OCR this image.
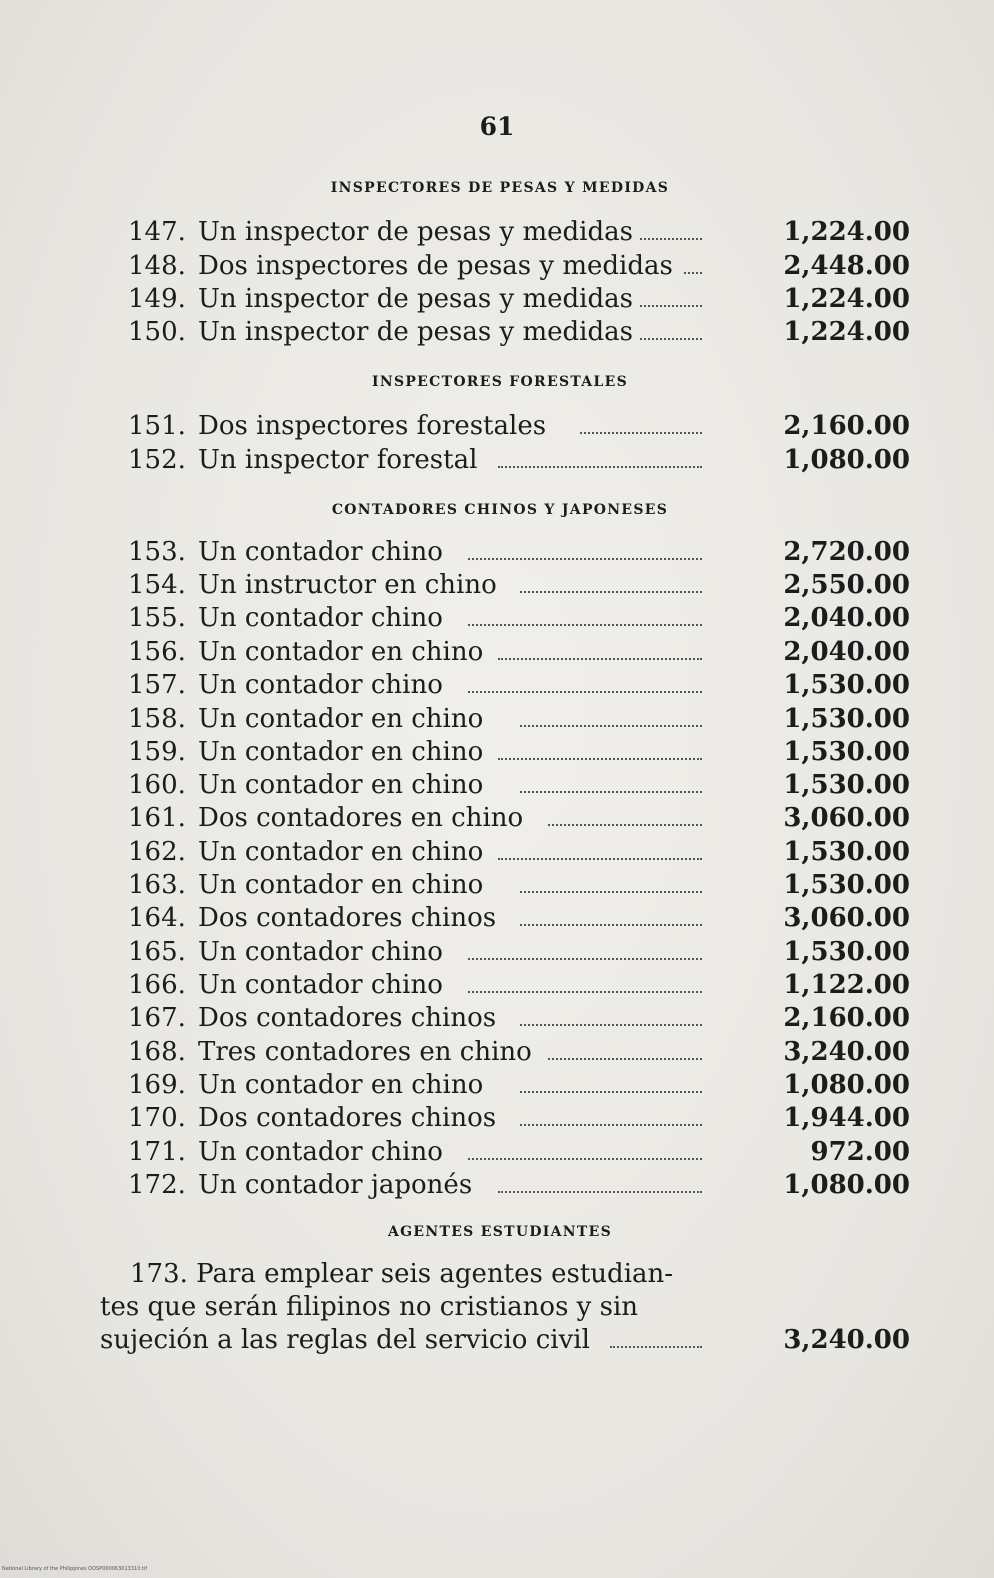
61
INSPECTORES DE PESAS Y MEDIDAS
147. Un inspector de pesas y medidas	1,224.00
148. Dos inspectores de pesas y medidas	2,448.00
149. Un inspector de pesas y medidas	1,224.00
150. Un inspector de pesas y medidas	1,224.00
INSPECTORES FORESTALES
151. Dos inspectores forestales	2,160.00
152. Un inspector forestal	1,080.00
CONTADORES CHINOS Y JAPONESES
153. Un contador chino	2,720.00
154. Un instructor en chino	2,550.00
155. Un contador chino	2,040.00
156. Un contador en chino	2,040.00
157. Un contador chino	1,530.00
158. Un contador en chino	1,530.00
159. Un contador en chino	1,530.00
160. Un contador en chino	1,530.00
161. Dos contadores en chino	3,060.00
162. Un contador en chino	1,530.00
163. Un contador en chino	1,530.00
164. Dos contadores chinos	3,060.00
165. Un contador chino	1,530.00
166. Un contador chino	1,122.00
167. Dos contadores chinos	2,160.00
168. Tres contadores en chino	3,240.00
169. Un contador en chino	1,080.00
170. Dos contadores chinos	1,944.00
171. Un contador chino	972.00
172. Un contador japonés	1,080.00
AGENTES ESTUDIANTES
173. Para emplear seis agentes estudian-
tes que serán filipinos no cristianos y sin
sujeción a las reglas del servicio civil	3,240.00
National Library of the Philippines DOSP000063013310.tif
